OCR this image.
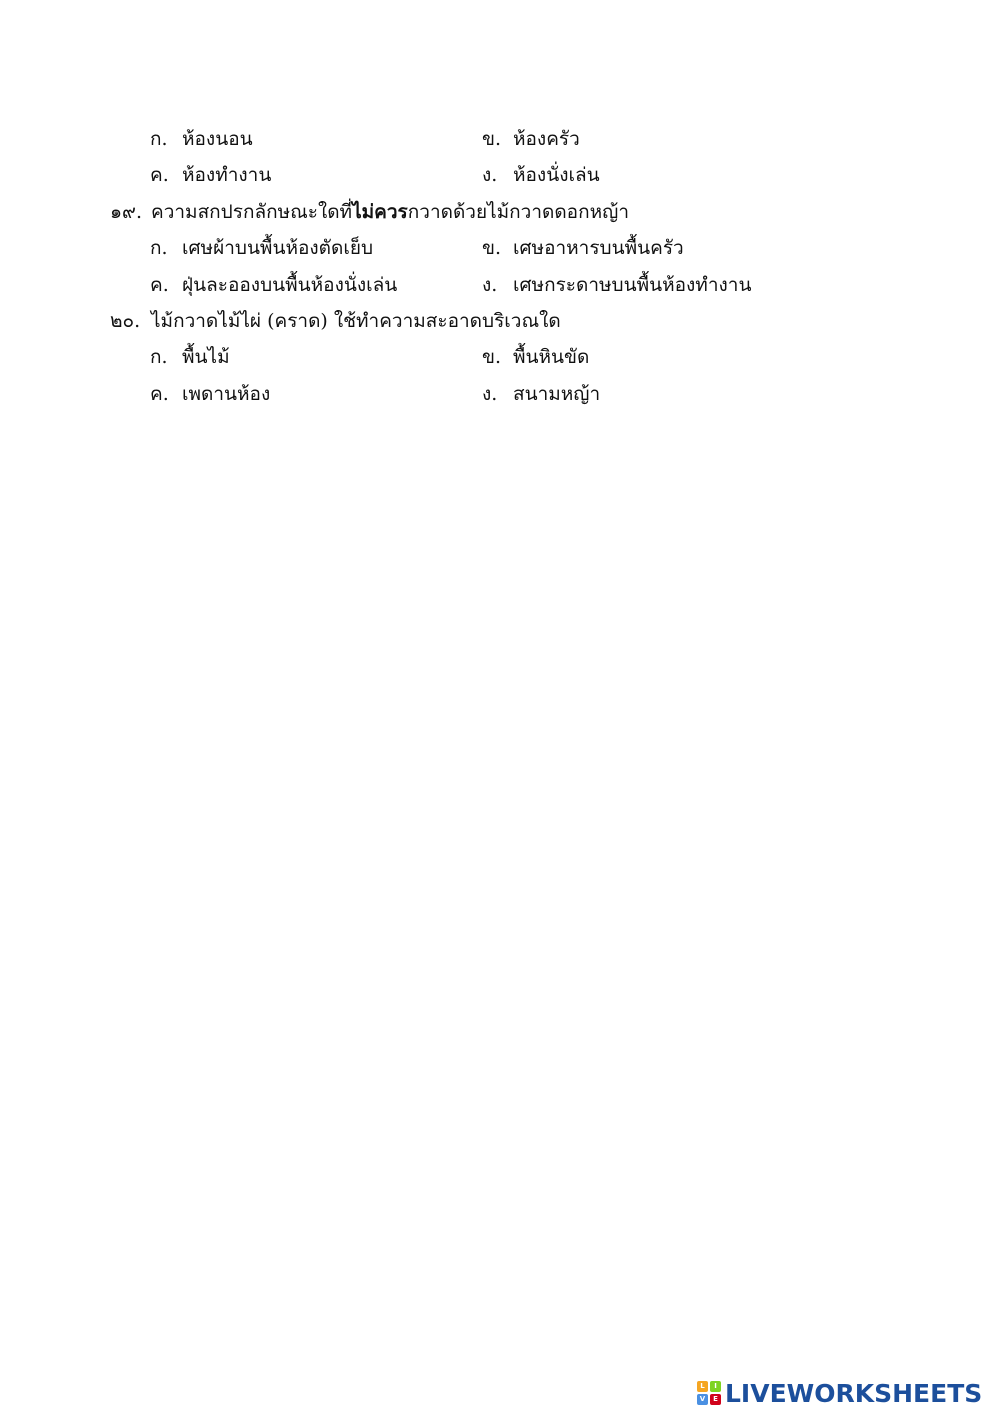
ก. ห้องนอน	ข. ห้องครัว
ค. ห้องทำงาน	ง. ห้องนั่งเล่น
๑๙. ความสกปรกลักษณะใดที่ไม่ควรกวาดด้วยไม้กวาดดอกหญ้า
ก. เศษผ้าบนพื้นห้องตัดเย็บ	ข. เศษอาหารบนพื้นครัว
ค. ฝุ่นละอองบนพื้นห้องนั่งเล่น	ง. เศษกระดาษบนพื้นห้องทำงาน
๒๐. ไม้กวาดไม้ไผ่ (คราด) ใช้ทำความสะอาดบริเวณใด
ก. พื้นไม้	ข. พื้นหินขัด
ค. เพดานห้อง	ง. สนามหญ้า
L	I
V	E LIVEWORKSHEETS
